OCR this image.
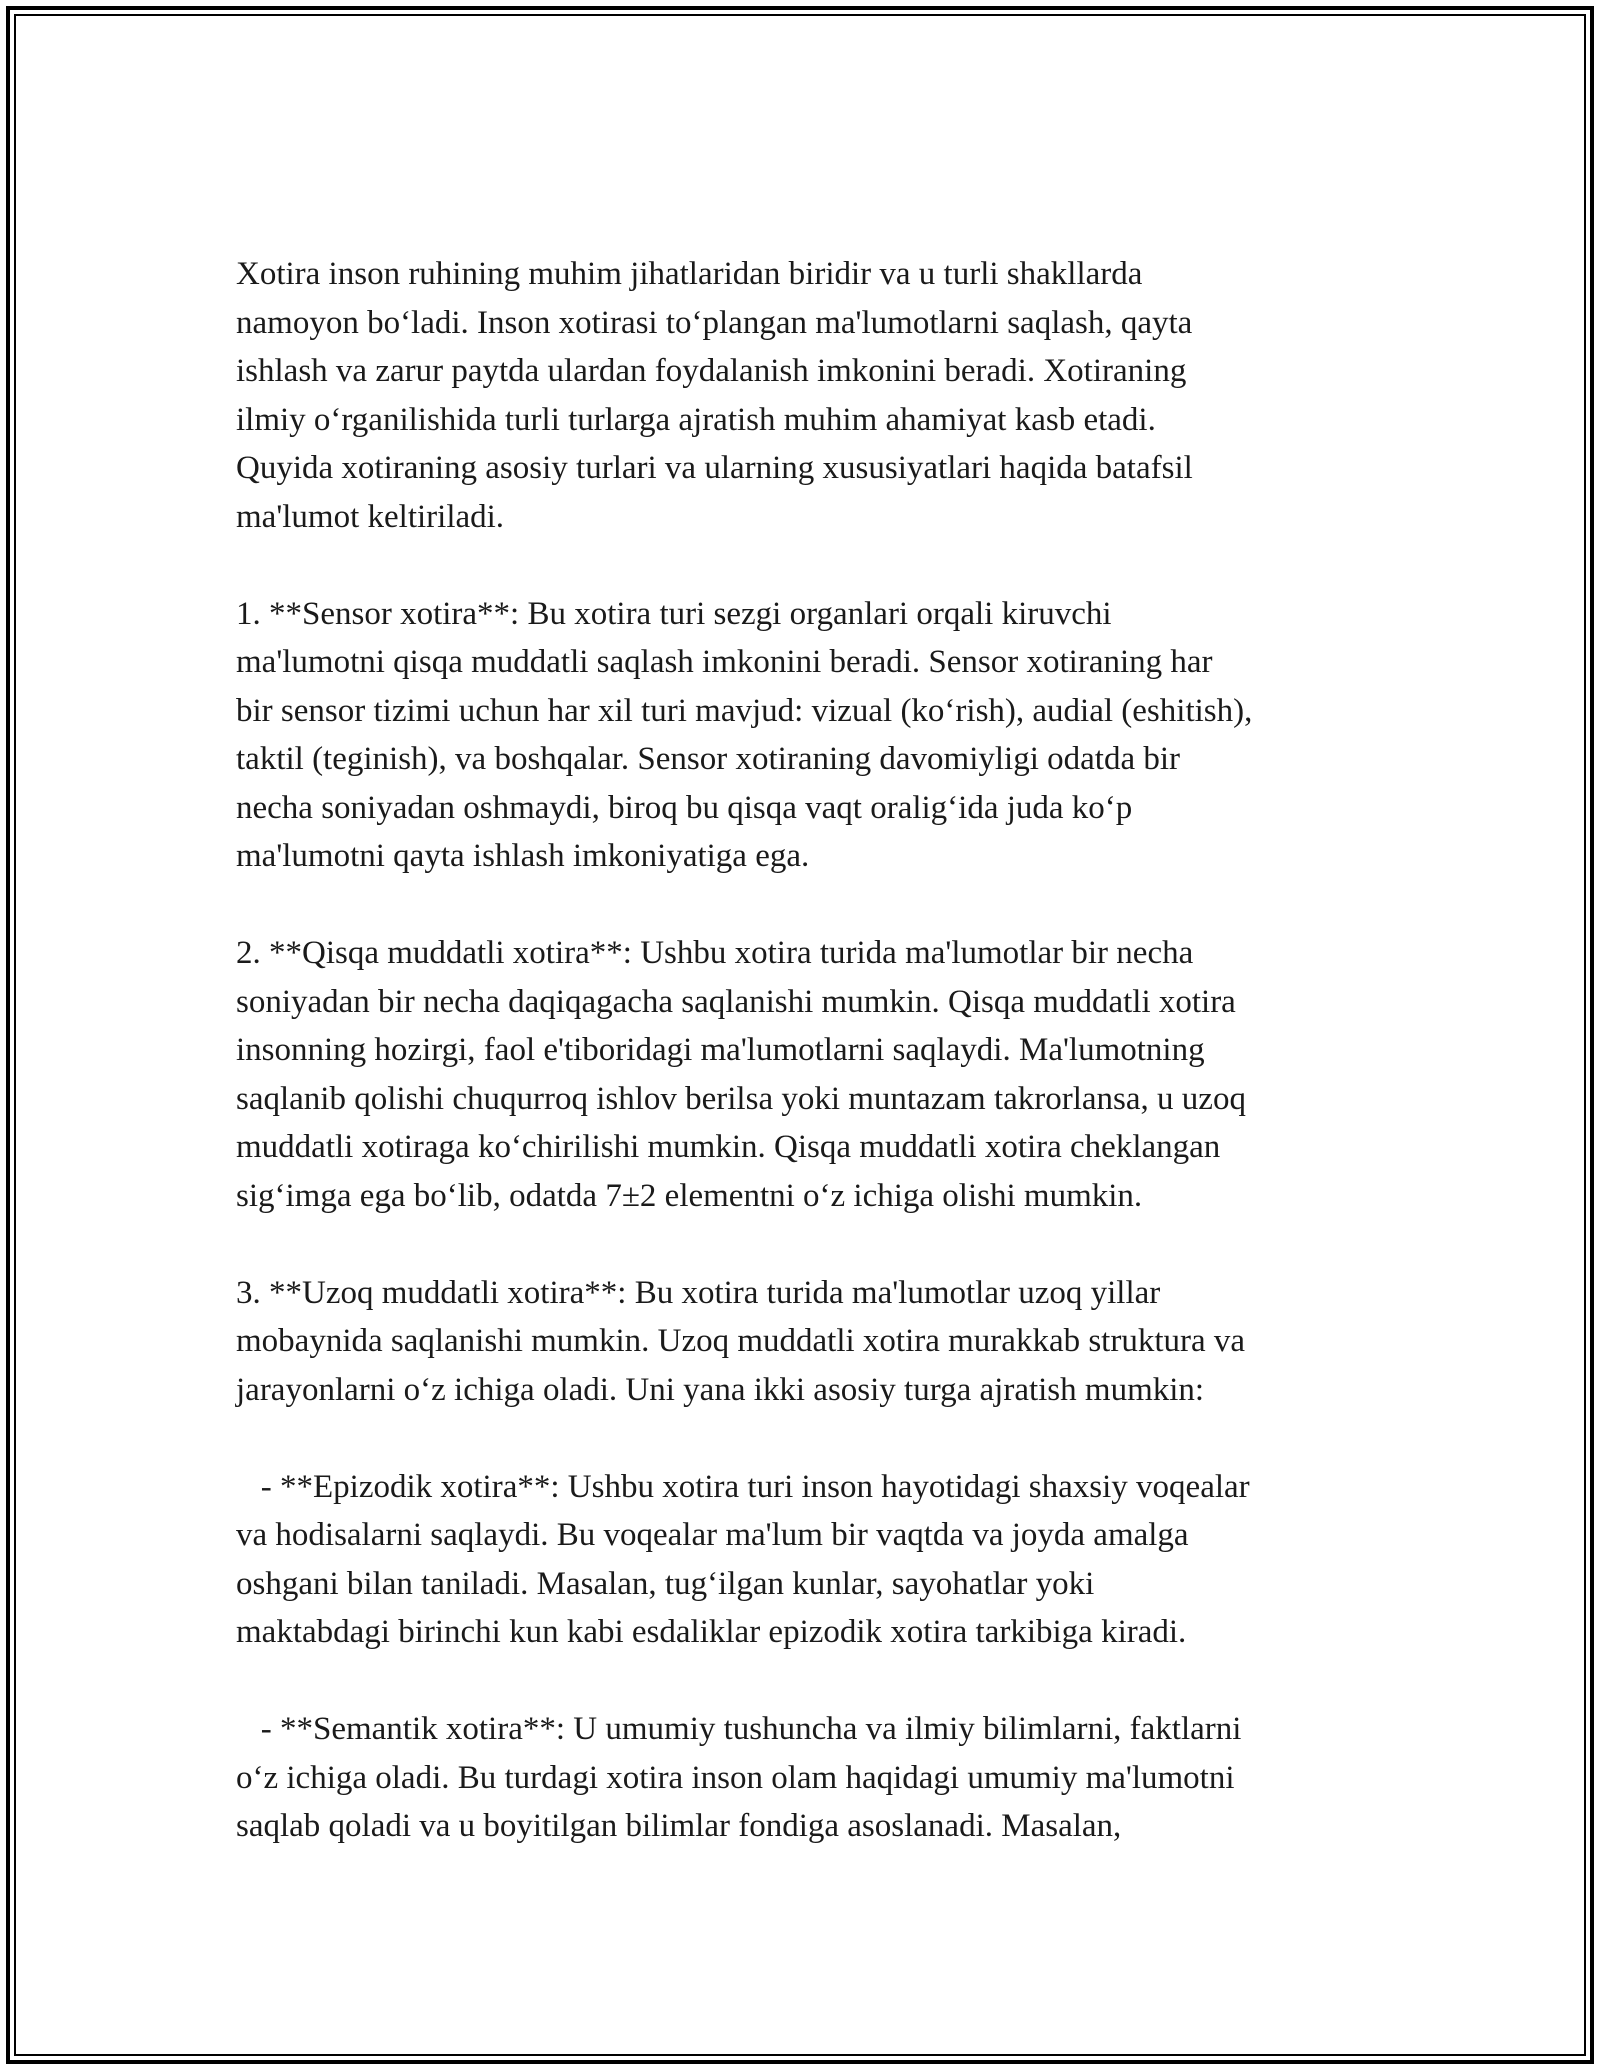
Xotira inson ruhining muhim jihatlaridan biridir va u turli shakllarda
namoyon bo‘ladi. Inson xotirasi to‘plangan ma'lumotlarni saqlash, qayta
ishlash va zarur paytda ulardan foydalanish imkonini beradi. Xotiraning
ilmiy o‘rganilishida turli turlarga ajratish muhim ahamiyat kasb etadi.
Quyida xotiraning asosiy turlari va ularning xususiyatlari haqida batafsil
ma'lumot keltiriladi.
1. **Sensor xotira**: Bu xotira turi sezgi organlari orqali kiruvchi
ma'lumotni qisqa muddatli saqlash imkonini beradi. Sensor xotiraning har
bir sensor tizimi uchun har xil turi mavjud: vizual (ko‘rish), audial (eshitish),
taktil (teginish), va boshqalar. Sensor xotiraning davomiyligi odatda bir
necha soniyadan oshmaydi, biroq bu qisqa vaqt oralig‘ida juda ko‘p
ma'lumotni qayta ishlash imkoniyatiga ega.
2. **Qisqa muddatli xotira**: Ushbu xotira turida ma'lumotlar bir necha
soniyadan bir necha daqiqagacha saqlanishi mumkin. Qisqa muddatli xotira
insonning hozirgi, faol e'tiboridagi ma'lumotlarni saqlaydi. Ma'lumotning
saqlanib qolishi chuqurroq ishlov berilsa yoki muntazam takrorlansa, u uzoq
muddatli xotiraga ko‘chirilishi mumkin. Qisqa muddatli xotira cheklangan
sig‘imga ega bo‘lib, odatda 7±2 elementni o‘z ichiga olishi mumkin.
3. **Uzoq muddatli xotira**: Bu xotira turida ma'lumotlar uzoq yillar
mobaynida saqlanishi mumkin. Uzoq muddatli xotira murakkab struktura va
jarayonlarni o‘z ichiga oladi. Uni yana ikki asosiy turga ajratish mumkin:
- **Epizodik xotira**: Ushbu xotira turi inson hayotidagi shaxsiy voqealar
va hodisalarni saqlaydi. Bu voqealar ma'lum bir vaqtda va joyda amalga
oshgani bilan taniladi. Masalan, tug‘ilgan kunlar, sayohatlar yoki
maktabdagi birinchi kun kabi esdaliklar epizodik xotira tarkibiga kiradi.
- **Semantik xotira**: U umumiy tushuncha va ilmiy bilimlarni, faktlarni
o‘z ichiga oladi. Bu turdagi xotira inson olam haqidagi umumiy ma'lumotni
saqlab qoladi va u boyitilgan bilimlar fondiga asoslanadi. Masalan,
